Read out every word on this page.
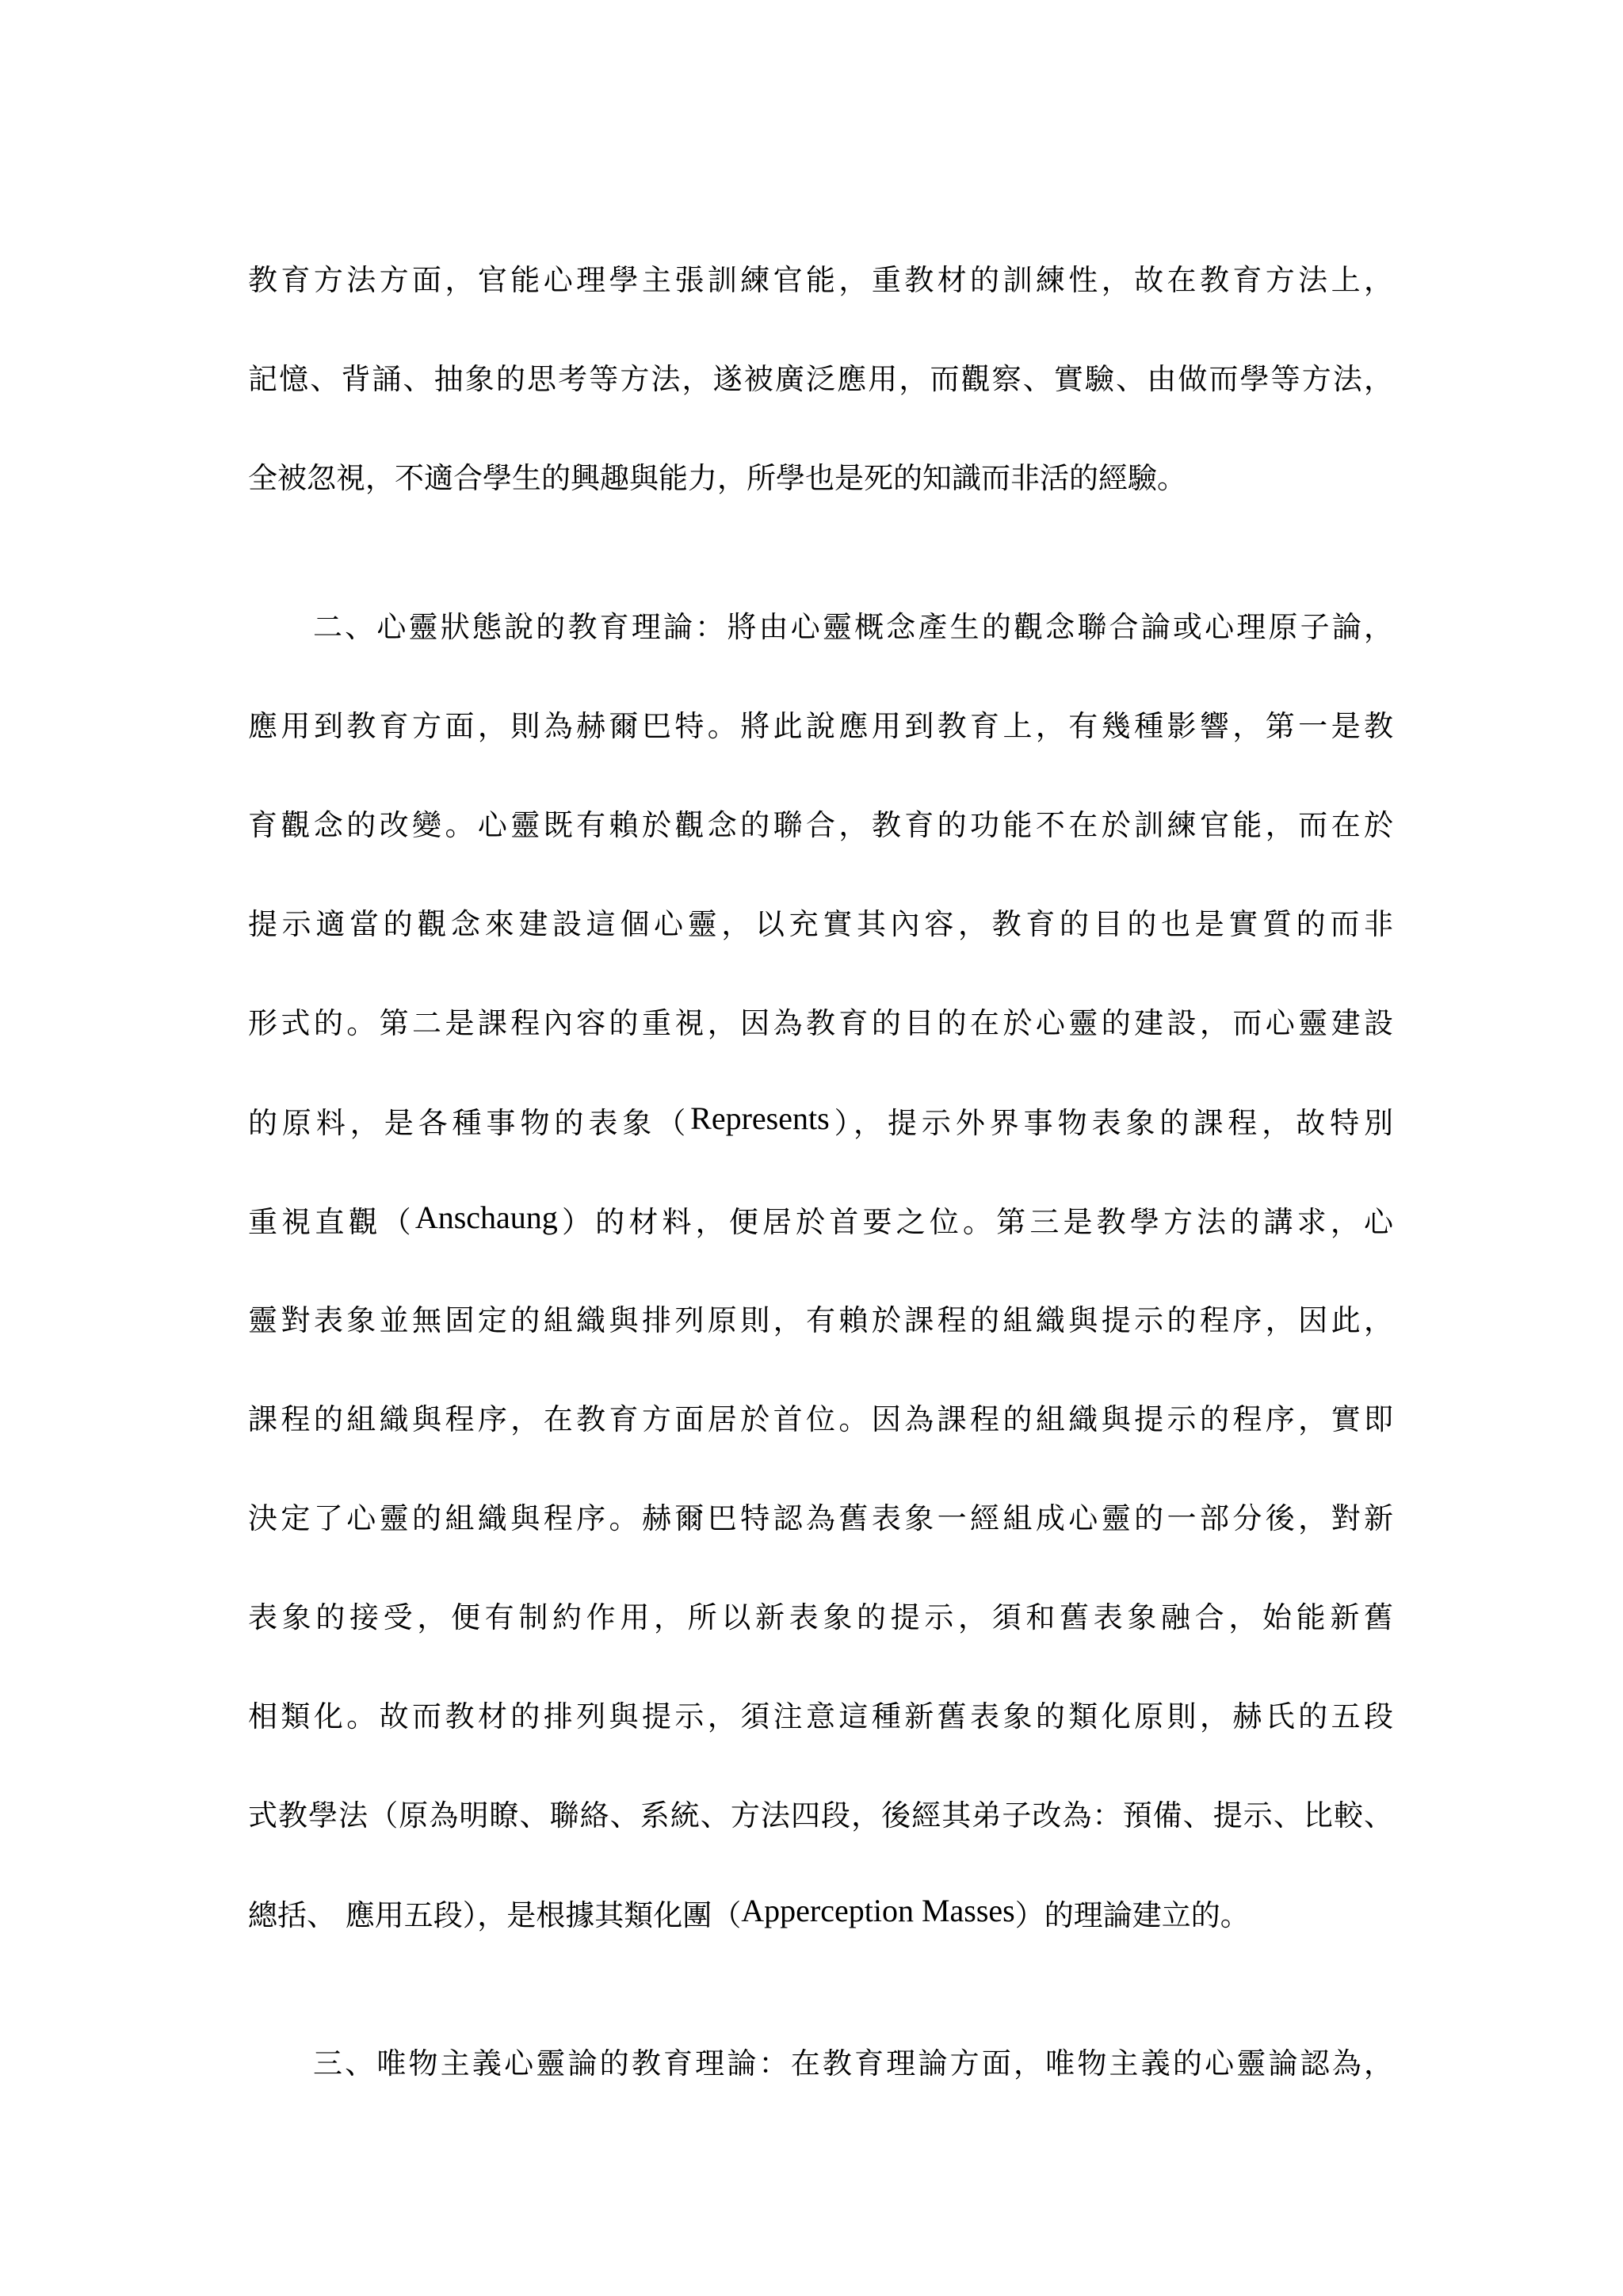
教育方法方面，官能心理學主張訓練官能，重教材的訓練性，故在教育方法上，
記憶、背誦、抽象的思考等方法，遂被廣泛應用，而觀察、實驗、由做而學等方法，
全被忽視，不適合學生的興趣與能力，所學也是死的知識而非活的經驗。
二、心靈狀態說的教育理論：將由心靈概念產生的觀念聯合論或心理原子論，
應用到教育方面，則為赫爾巴特。將此說應用到教育上，有幾種影響，第一是教
育觀念的改變。心靈既有賴於觀念的聯合，教育的功能不在於訓練官能，而在於
提示適當的觀念來建設這個心靈，以充實其內容，教育的目的也是實質的而非
形式的。第二是課程內容的重視，因為教育的目的在於心靈的建設，而心靈建設
的原料，是各種事物的表象（Represents），提示外界事物表象的課程，故特別
重視直觀（Anschaung）的材料，便居於首要之位。第三是教學方法的講求，心
靈對表象並無固定的組織與排列原則，有賴於課程的組織與提示的程序，因此，
課程的組織與程序，在教育方面居於首位。因為課程的組織與提示的程序，實即
決定了心靈的組織與程序。赫爾巴特認為舊表象一經組成心靈的一部分後，對新
表象的接受，便有制約作用，所以新表象的提示，須和舊表象融合，始能新舊
相類化。故而教材的排列與提示，須注意這種新舊表象的類化原則，赫氏的五段
式教學法（原為明瞭、聯絡、系統、方法四段，後經其弟子改為：預備、提示、比較、
總括、 應用五段），是根據其類化團（Apperception Masses）的理論建立的。
三、唯物主義心靈論的教育理論：在教育理論方面，唯物主義的心靈論認為，
